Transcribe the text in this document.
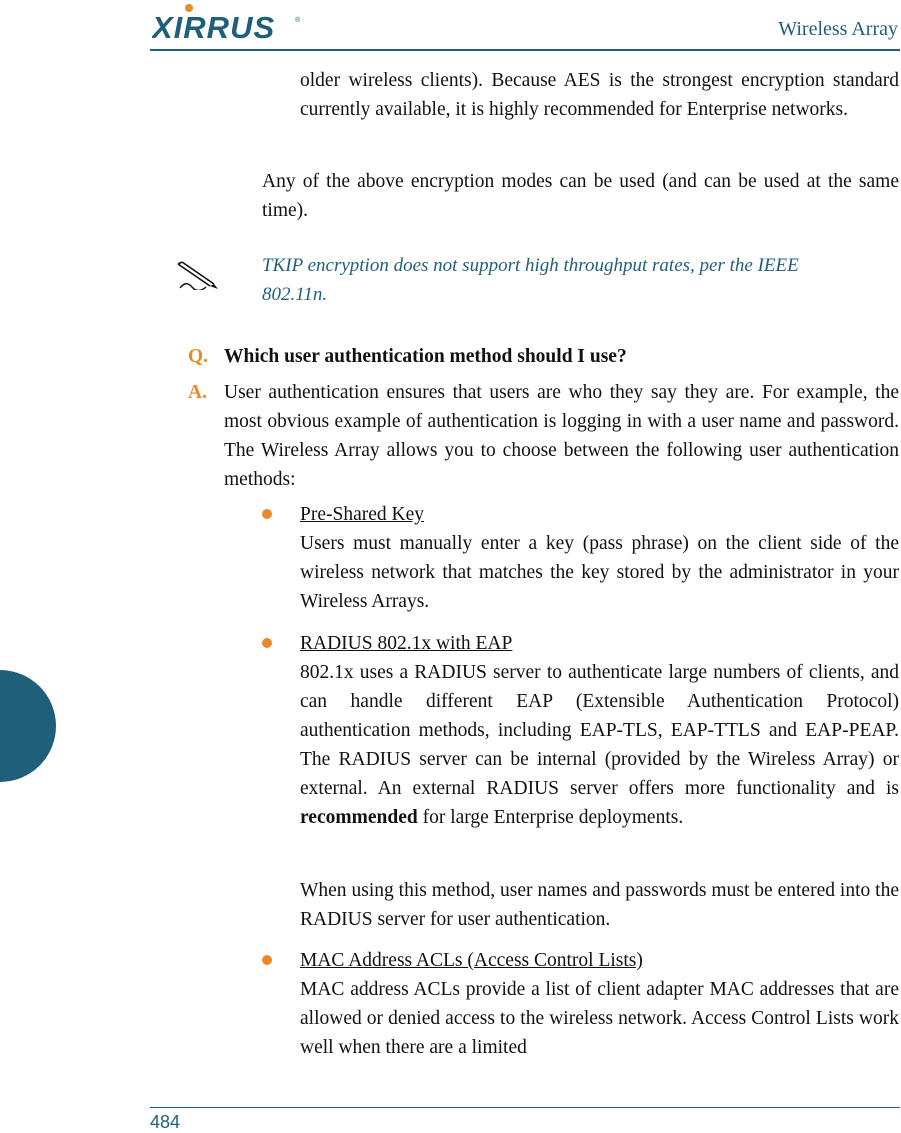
XIRRUS	®	Wireless Array

older wireless clients). Because AES is the strongest encryption standard currently available, it is highly recommended for Enterprise networks.

Any of the above encryption modes can be used (and can be used at the same time).

TKIP encryption does not support high throughput rates, per the IEEE 802.11n.
Q. Which user authentication method should I use?
A. User authentication ensures that users are who they say they are. For example, the most obvious example of authentication is logging in with a user name and password. The Wireless Array allows you to choose between the following user authentication methods:

Pre-Shared Key

Users must manually enter a key (pass phrase) on the client side of the wireless network that matches the key stored by the administrator in your Wireless Arrays.

RADIUS 802.1x with EAP

802.1x uses a RADIUS server to authenticate large numbers of clients, and can handle different EAP (Extensible Authentication Protocol) authentication methods, including EAP-TLS, EAP-TTLS and EAP-PEAP. The RADIUS server can be internal (provided by the Wireless Array) or external. An external RADIUS server offers more functionality and is recommended for large Enterprise deployments.

When using this method, user names and passwords must be entered into the RADIUS server for user authentication.

MAC Address ACLs (Access Control Lists)

MAC address ACLs provide a list of client adapter MAC addresses that are allowed or denied access to the wireless network. Access Control Lists work well when there are a limited

484
